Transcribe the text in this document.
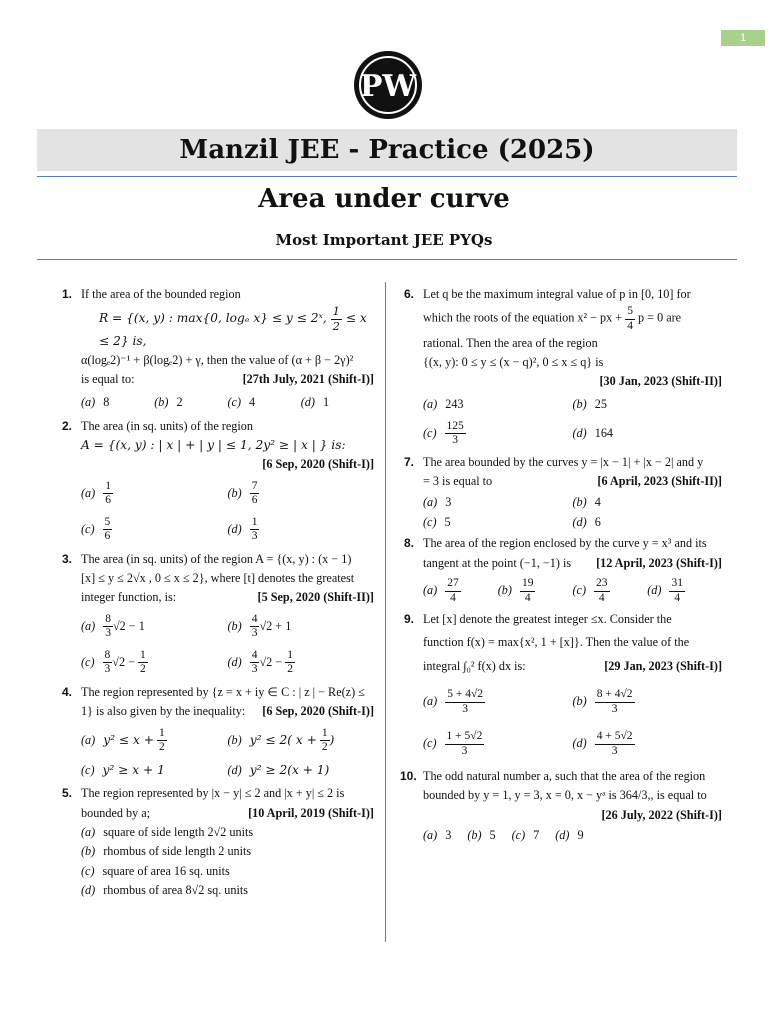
1
PW
Manzil JEE - Practice (2025)
Area under curve
Most Important JEE PYQs
1. If the area of the bounded region
R = {(x, y) : max{0, logₑ x} ≤ y ≤ 2ˣ, $\frac{1}{2} \le x \le 2$} is,
α(logₑ2)⁻¹ + β(logₑ2) + γ, then the value of (α + β − 2γ)²
is equal to:	[27th July, 2021 (Shift-I)]
(a) 8	(b) 2	(c) 4	(d) 1
2. The area (in sq. units) of the region
A = {(x, y) : | x | + | y | ≤ 1, 2y² ≥ | x | } is:
[6 Sep, 2020 (Shift-I)]
$(a) \frac{1}{6}$	$(b) \frac{7}{6}$
$(c) \frac{5}{6}$	$(d) \frac{1}{3}$
3. The area (in sq. units) of the region A = {(x, y) : (x − 1)
[x] ≤ y ≤ 2√x , 0 ≤ x ≤ 2}, where [t] denotes the greatest
integer function, is:	[5 Sep, 2020 (Shift-II)]
$(a) \frac{8}{3} √2 - 1$	$(b) \frac{4}{3} √2 + 1$
$(c) \frac{8}{3} √2$ −
$\frac{1}{2}$	$(d) \frac{4}{3} √2$ −
$\frac{1}{2}$
4. The region represented by {z = x + iy ∈ C : | z | − Re(z) ≤
1} is also given by the inequality: [6 Sep, 2020 (Shift-I)]
(a) y² ≤ x +
$\frac{1}{2}$	(b) y² ≤ 2( x +
$\frac{1}{2}$ )
(c) y² ≥ x + 1	(d) y² ≥ 2(x + 1)
5. The region represented by |x − y| ≤ 2 and |x + y| ≤ 2 is
bounded by a;	[10 April, 2019 (Shift-I)]
(a) square of side length 2√2 units
(b) rhombus of side length 2 units
(c) square of area 16 sq. units
(d) rhombus of area 8√2 sq. units
6. Let q be the maximum integral value of p in [0, 10] for
which the roots of the equation x² − px + $\frac{5}{4}$ p = 0 are
rational. Then the area of the region
{(x, y): 0 ≤ y ≤ (x − q)², 0 ≤ x ≤ q} is
[30 Jan, 2023 (Shift-II)]
(a) 243	(b) 25
$(c) \frac{125}{3}$	(d) 164
7. The area bounded by the curves y = |x − 1| + |x − 2| and y
= 3 is equal to	[6 April, 2023 (Shift-II)]
(a) 3	(b) 4
(c) 5	(d) 6
8. The area of the region enclosed by the curve y = x³ and its
tangent at the point (−1, −1) is [12 April, 2023 (Shift-I)]
$(a) \frac{27}{4}$	$(b) \frac{19}{4}$	$(c) \frac{23}{4}$	$(d) \frac{31}{4}$
9. Let [x] denote the greatest integer ≤x. Consider the
function f(x) = max{x², 1 + [x]}. Then the value of the
integral ∫₀² f(x) dx is:	[29 Jan, 2023 (Shift-I)]
$(a) \frac{5 + 4√2}{3}$	$(b) \frac{8 + 4√2}{3}$
$(c) \frac{1 + 5√2}{3}$	$(d) \frac{4 + 5√2}{3}$
10. The odd natural number a, such that the area of the region
bounded by y = 1, y = 3, x = 0, x − yᵃ is 364/3,, is equal to
[26 July, 2022 (Shift-I)]
(a) 3 (b) 5 (c) 7 (d) 9
